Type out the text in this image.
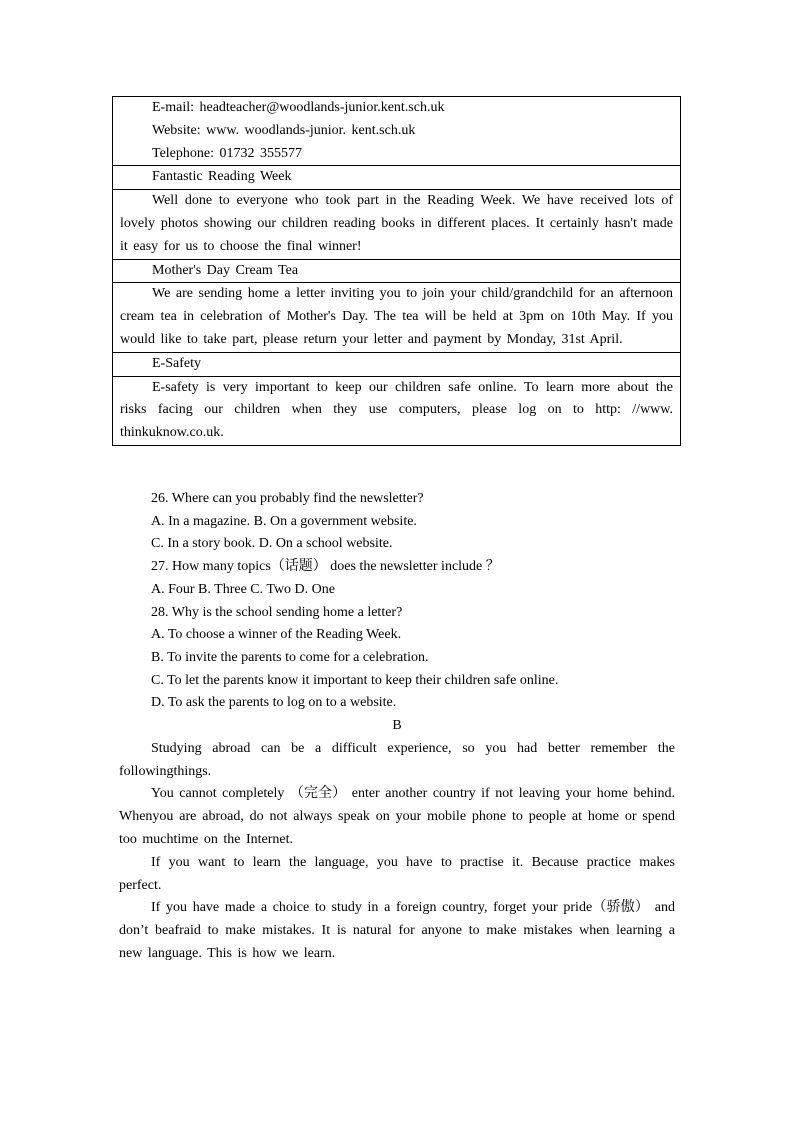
E-mail: headteacher@woodlands-junior.kent.sch.uk

Website: www. woodlands-junior. kent.sch.uk

Telephone: 01732 355577

Fantastic Reading Week

Well done to everyone who took part in the Reading Week. We have received lots of lovely photos showing our children reading books in different places. It certainly hasn't made it easy for us to choose the final winner!

Mother's Day Cream Tea

We are sending home a letter inviting you to join your child/grandchild for an afternoon cream tea in celebration of Mother's Day. The tea will be held at 3pm on 10th May. If you would like to take part, please return your letter and payment by Monday, 31st April.

E-Safety

E-safety is very important to keep our children safe online. To learn more about the risks facing our children when they use computers, please log on to http: //www. thinkuknow.co.uk.

26. Where can you probably find the newsletter?

A. In a magazine. B. On a government website.

C. In a story book. D. On a school website.

27. How many topics（话题） does the newsletter include ？

A. Four B. Three C. Two D. One

28. Why is the school sending home a letter?

A. To choose a winner of the Reading Week.

B. To invite the parents to come for a celebration.

C. To let the parents know it important to keep their children safe online.

D. To ask the parents to log on to a website.

B

Studying abroad can be a difficult experience, so you had better remember the followingthings.

You cannot completely （完全） enter another country if not leaving your home behind. Whenyou are abroad, do not always speak on your mobile phone to people at home or spend too muchtime on the Internet.

If you want to learn the language, you have to practise it. Because practice makes perfect.

If you have made a choice to study in a foreign country, forget your pride（骄傲） and don’t beafraid to make mistakes. It is natural for anyone to make mistakes when learning a new language. This is how we learn.
